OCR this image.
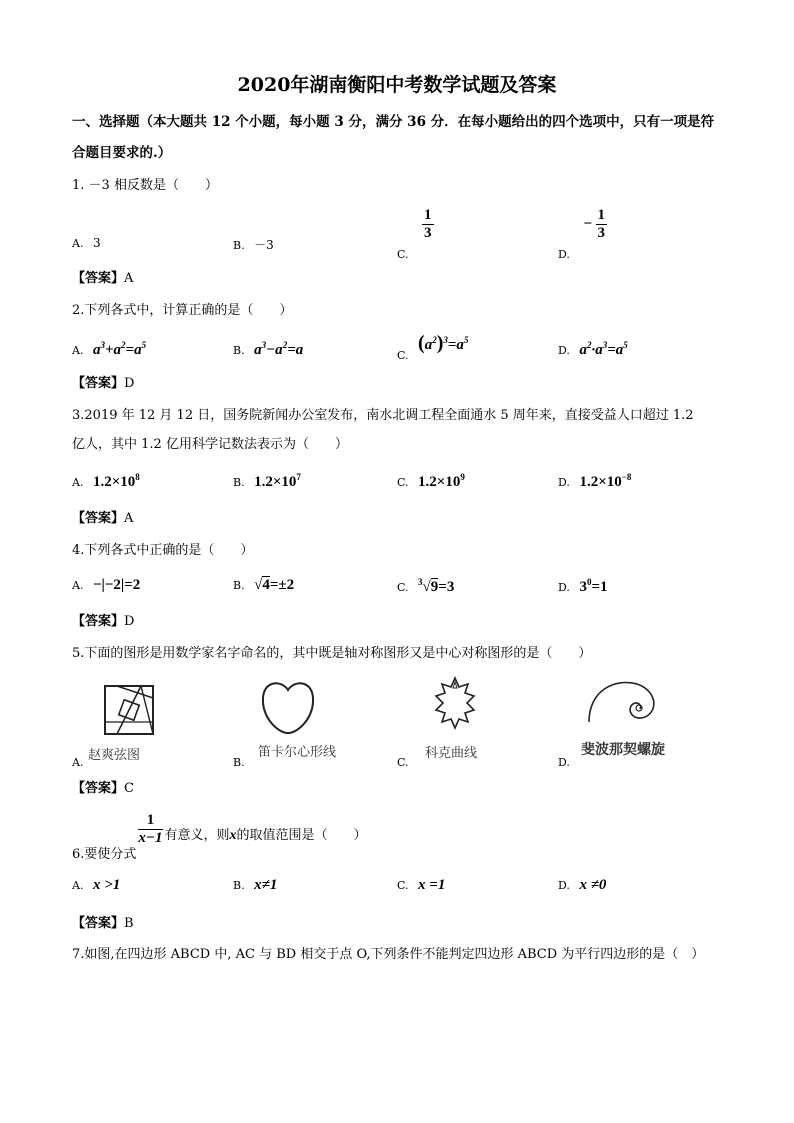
2020年湖南衡阳中考数学试题及答案
一、选择题（本大题共 12 个小题，每小题 3 分，满分 36 分．在每小题给出的四个选项中，只有一项是符
合题目要求的.）
1. －3 相反数是（　　）
A. 3	B. －3
C.
$\frac{1}{3}$
D. − $\frac{1}{3}$
【答案】A
2.下列各式中，计算正确的是（　　）
A. $a^3+a^2=a^5$	B. $a^3-a^2=a$	C. $(a^2)^3=a^5$
D. $a^2\cdot a^3=a^5$
【答案】D
3.2019 年 12 月 12 日，国务院新闻办公室发布，南水北调工程全面通水 5 周年来，直接受益人口超过 1.2
亿人，其中 1.2 亿用科学记数法表示为（　　）
A. $1.2\times 10^8$	B. $1.2\times 10^7$	C. $1.2\times 10^9$	D. $1.2\times 10^{-8}$
【答案】A
4.下列各式中正确的是（　　）
A. −|−2|=2	B. √4=±2	C. $^3$√9=3	D. $3^0=1$
【答案】D
5.下面的图形是用数学家名字命名的，其中既是轴对称图形又是中心对称图形的是（　　）
A. 赵爽弦图	B.
笛卡尔心形线
C.
科克曲线
D.
斐波那契螺旋
【答案】C
6.要使分式
$\frac{1}{x-1}$ 有意义，则x的取值范围是（　　）
A. x >1	B. x≠1	C. x =1	D. x ≠0
【答案】B
7.如图,在四边形 ABCD 中, AC 与 BD 相交于点 O,下列条件不能判定四边形 ABCD 为平行四边形的是（　）
